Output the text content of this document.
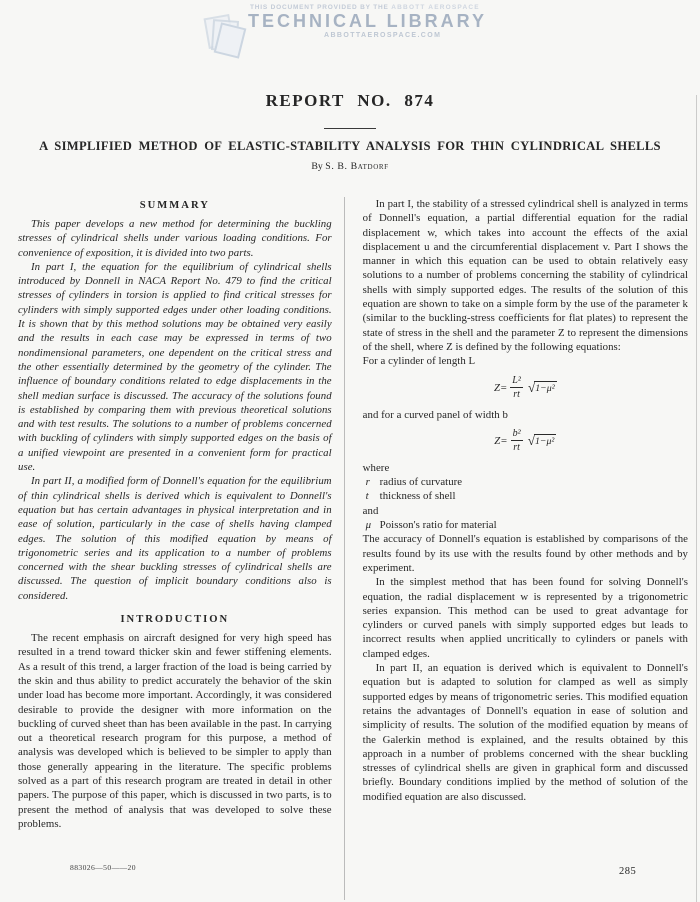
THIS DOCUMENT PROVIDED BY THE ABBOTT AEROSPACE
TECHNICAL LIBRARY
ABBOTTAEROSPACE.COM
REPORT NO. 874
A SIMPLIFIED METHOD OF ELASTIC-STABILITY ANALYSIS FOR THIN CYLINDRICAL SHELLS
By S. B. Batdorf
SUMMARY

This paper develops a new method for determining the buckling stresses of cylindrical shells under various loading conditions. For convenience of exposition, it is divided into two parts.

In part I, the equation for the equilibrium of cylindrical shells introduced by Donnell in NACA Report No. 479 to find the critical stresses of cylinders in torsion is applied to find critical stresses for cylinders with simply supported edges under other loading conditions. It is shown that by this method solutions may be obtained very easily and the results in each case may be expressed in terms of two nondimensional parameters, one dependent on the critical stress and the other essentially determined by the geometry of the cylinder. The influence of boundary conditions related to edge displacements in the shell median surface is discussed. The accuracy of the solutions found is established by comparing them with previous theoretical solutions and with test results. The solutions to a number of problems concerned with buckling of cylinders with simply supported edges on the basis of a unified viewpoint are presented in a convenient form for practical use.

In part II, a modified form of Donnell's equation for the equilibrium of thin cylindrical shells is derived which is equivalent to Donnell's equation but has certain advantages in physical interpretation and in ease of solution, particularly in the case of shells having clamped edges. The solution of this modified equation by means of trigonometric series and its application to a number of problems concerned with the shear buckling stresses of cylindrical shells are discussed. The question of implicit boundary conditions also is considered.

INTRODUCTION

The recent emphasis on aircraft designed for very high speed has resulted in a trend toward thicker skin and fewer stiffening elements. As a result of this trend, a larger fraction of the load is being carried by the skin and thus ability to predict accurately the behavior of the skin under load has become more important. Accordingly, it was considered desirable to provide the designer with more information on the buckling of curved sheet than has been available in the past. In carrying out a theoretical research program for this purpose, a method of analysis was developed which is believed to be simpler to apply than those generally appearing in the literature. The specific problems solved as a part of this research program are treated in detail in other papers. The purpose of this paper, which is discussed in two parts, is to present the method of analysis that was developed to solve these problems.

In part I, the stability of a stressed cylindrical shell is analyzed in terms of Donnell's equation, a partial differential equation for the radial displacement w, which takes into account the effects of the axial displacement u and the circumferential displacement v. Part I shows the manner in which this equation can be used to obtain relatively easy solutions to a number of problems concerning the stability of cylindrical shells with simply supported edges. The results of the solution of this equation are shown to take on a simple form by the use of the parameter k (similar to the buckling-stress coefficients for flat plates) to represent the state of stress in the shell and the parameter Z to represent the dimensions of the shell, where Z is defined by the following equations:

For a cylinder of length L

$Z= \frac{\text{L²}}{rt}$ √ 1−μ²

and for a curved panel of width b

$Z= \frac{\text{b²}}{rt}$ √ 1−μ²

where

r radius of curvature

t thickness of shell

and

μ Poisson's ratio for material

The accuracy of Donnell's equation is established by comparisons of the results found by its use with the results found by other methods and by experiment.

In the simplest method that has been found for solving Donnell's equation, the radial displacement w is represented by a trigonometric series expansion. This method can be used to great advantage for cylinders or curved panels with simply supported edges but leads to incorrect results when applied uncritically to cylinders or panels with clamped edges.

In part II, an equation is derived which is equivalent to Donnell's equation but is adapted to solution for clamped as well as simply supported edges by means of trigonometric series. This modified equation retains the advantages of Donnell's equation in ease of solution and simplicity of results. The solution of the modified equation by means of the Galerkin method is explained, and the results obtained by this approach in a number of problems concerned with the shear buckling stresses of cylindrical shells are given in graphical form and discussed briefly. Boundary conditions implied by the method of solution of the modified equation are also discussed.

883026—50——20	285
